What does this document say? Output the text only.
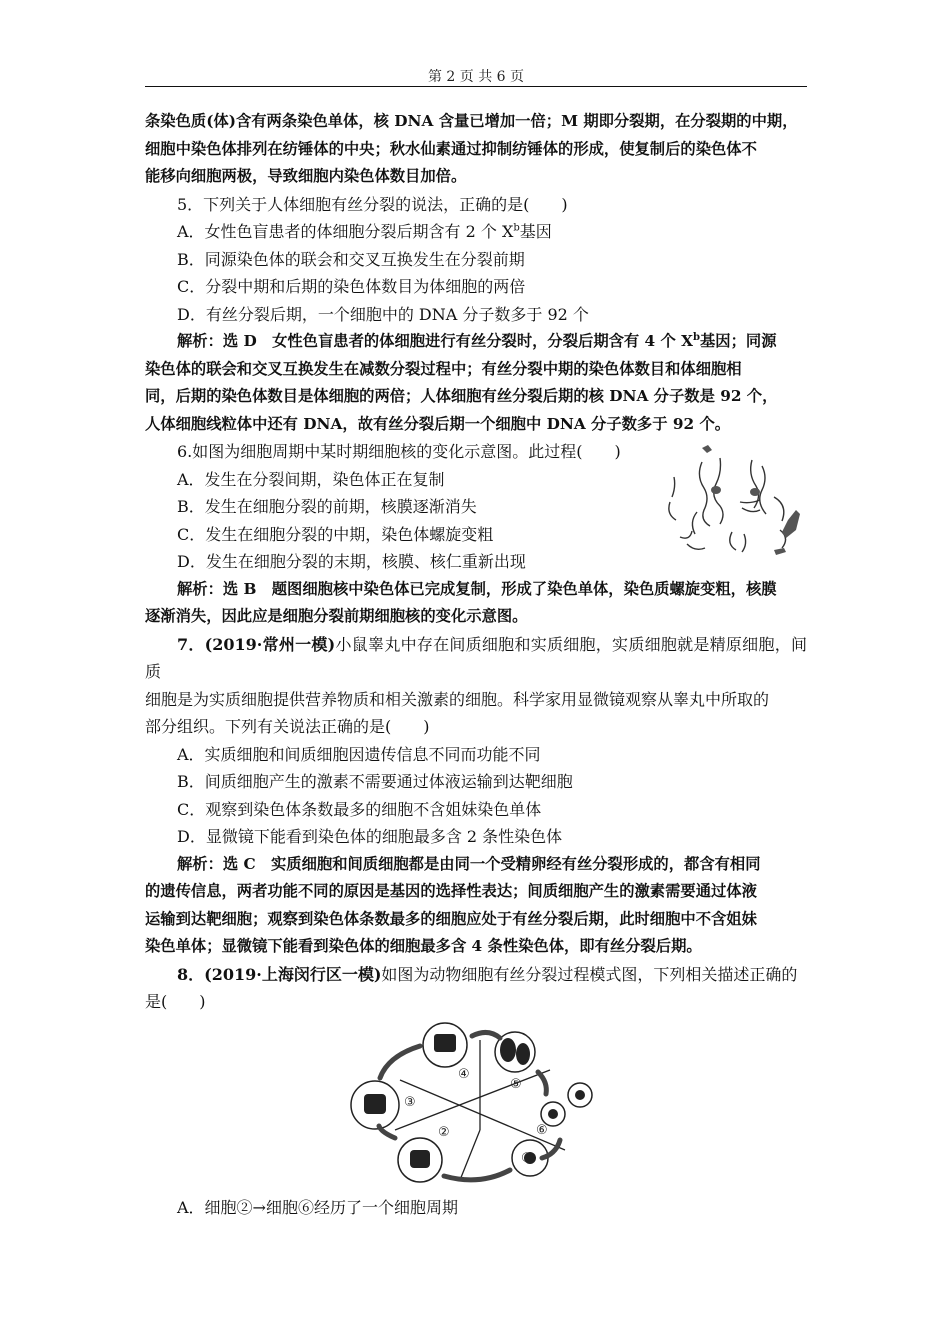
第 2 页 共 6 页

条染色质(体)含有两条染色单体，核 DNA 含量已增加一倍；M 期即分裂期，在分裂期的中期，

细胞中染色体排列在纺锤体的中央；秋水仙素通过抑制纺锤体的形成，使复制后的染色体不

能移向细胞两极，导致细胞内染色体数目加倍。

5．下列关于人体细胞有丝分裂的说法，正确的是(　　)

A．女性色盲患者的体细胞分裂后期含有 2 个 $X^b$基因

B．同源染色体的联会和交叉互换发生在分裂前期

C．分裂中期和后期的染色体数目为体细胞的两倍

D．有丝分裂后期，一个细胞中的 DNA 分子数多于 92 个

解析：选 D　女性色盲患者的体细胞进行有丝分裂时，分裂后期含有 4 个 $X^b$基因；同源

染色体的联会和交叉互换发生在减数分裂过程中；有丝分裂中期的染色体数目和体细胞相

同，后期的染色体数目是体细胞的两倍；人体细胞有丝分裂后期的核 DNA 分子数是 92 个，

人体细胞线粒体中还有 DNA，故有丝分裂后期一个细胞中 DNA 分子数多于 92 个。

6.如图为细胞周期中某时期细胞核的变化示意图。此过程(　　)

A．发生在分裂间期，染色体正在复制

B．发生在细胞分裂的前期，核膜逐渐消失

C．发生在细胞分裂的中期，染色体螺旋变粗

D．发生在细胞分裂的末期，核膜、核仁重新出现

解析：选 B　题图细胞核中染色体已完成复制，形成了染色单体，染色质螺旋变粗，核膜

逐渐消失，因此应是细胞分裂前期细胞核的变化示意图。

7．(2019·常州一模)小鼠睾丸中存在间质细胞和实质细胞，实质细胞就是精原细胞，间质

细胞是为实质细胞提供营养物质和相关激素的细胞。科学家用显微镜观察从睾丸中所取的

部分组织。下列有关说法正确的是(　　)

A．实质细胞和间质细胞因遗传信息不同而功能不同

B．间质细胞产生的激素不需要通过体液运输到达靶细胞

C．观察到染色体条数最多的细胞不含姐妹染色单体

D．显微镜下能看到染色体的细胞最多含 2 条性染色体

解析：选 C　实质细胞和间质细胞都是由同一个受精卵经有丝分裂形成的，都含有相同

的遗传信息，两者功能不同的原因是基因的选择性表达；间质细胞产生的激素需要通过体液

运输到达靶细胞；观察到染色体条数最多的细胞应处于有丝分裂后期，此时细胞中不含姐妹

染色单体；显微镜下能看到染色体的细胞最多含 4 条性染色体，即有丝分裂后期。

8．(2019·上海闵行区一模)如图为动物细胞有丝分裂过程模式图，下列相关描述正确的

是(　　)

①
②
③
④
⑤
⑥

A．细胞②→细胞⑥经历了一个细胞周期
